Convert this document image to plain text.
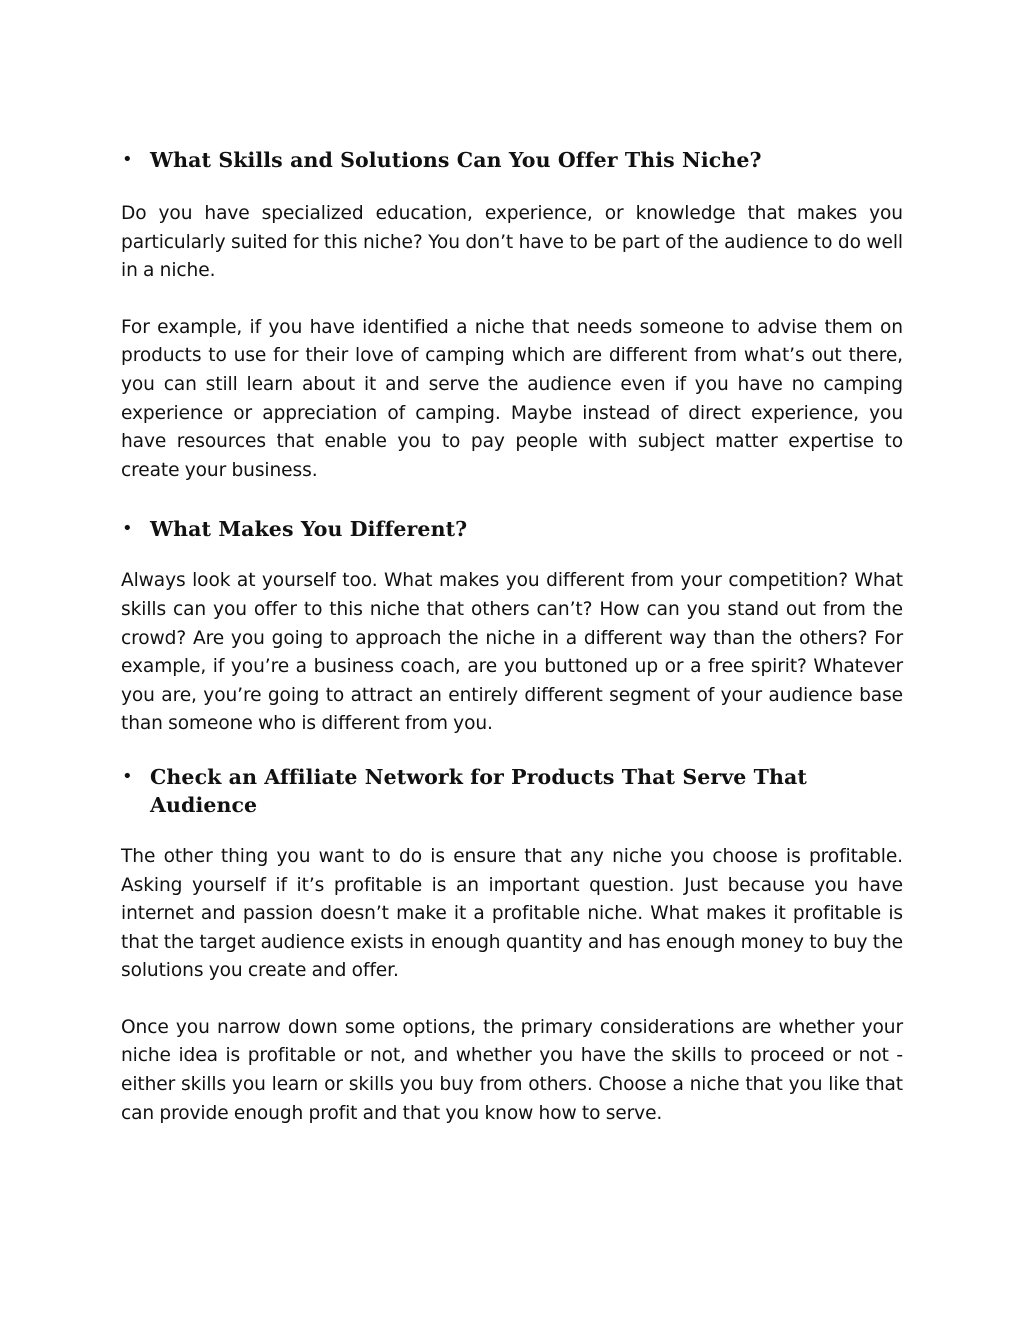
• What Skills and Solutions Can You Offer This Niche?

Do you have specialized education, experience, or knowledge that makes you particularly suited for this niche? You don’t have to be part of the audience to do well in a niche.

For example, if you have identified a niche that needs someone to advise them on products to use for their love of camping which are different from what’s out there, you can still learn about it and serve the audience even if you have no camping experience or appreciation of camping. Maybe instead of direct experience, you have resources that enable you to pay people with subject matter expertise to create your business.

• What Makes You Different?

Always look at yourself too. What makes you different from your competition? What skills can you offer to this niche that others can’t? How can you stand out from the crowd? Are you going to approach the niche in a different way than the others? For example, if you’re a business coach, are you buttoned up or a free spirit? Whatever you are, you’re going to attract an entirely different segment of your audience base than someone who is different from you.

• Check an Affiliate Network for Products That Serve That Audience

The other thing you want to do is ensure that any niche you choose is profitable. Asking yourself if it’s profitable is an important question. Just because you have internet and passion doesn’t make it a profitable niche. What makes it profitable is that the target audience exists in enough quantity and has enough money to buy the solutions you create and offer.

Once you narrow down some options, the primary considerations are whether your niche idea is profitable or not, and whether you have the skills to proceed or not - either skills you learn or skills you buy from others. Choose a niche that you like that can provide enough profit and that you know how to serve.
